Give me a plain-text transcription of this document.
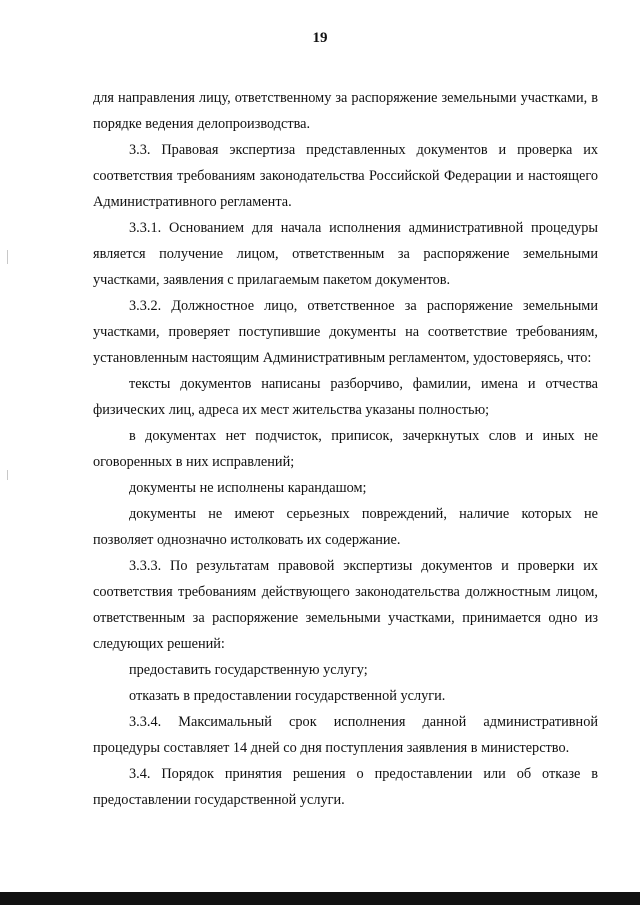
19

для направления лицу, ответственному за распоряжение земельными участками, в порядке ведения делопроизводства.

3.3. Правовая экспертиза представленных документов и проверка их соответствия требованиям законодательства Российской Федерации и настоящего Административного регламента.

3.3.1. Основанием для начала исполнения административной процедуры является получение лицом, ответственным за распоряжение земельными участками, заявления с прилагаемым пакетом документов.

3.3.2. Должностное лицо, ответственное за распоряжение земельными участками, проверяет поступившие документы на соответствие требованиям, установленным настоящим Административным регламентом, удостоверяясь, что:

тексты документов написаны разборчиво, фамилии, имена и отчества физических лиц, адреса их мест жительства указаны полностью;

в документах нет подчисток, приписок, зачеркнутых слов и иных не оговоренных в них исправлений;

документы не исполнены карандашом;

документы не имеют серьезных повреждений, наличие которых не позволяет однозначно истолковать их содержание.

3.3.3. По результатам правовой экспертизы документов и проверки их соответствия требованиям действующего законодательства должностным лицом, ответственным за распоряжение земельными участками, принимается одно из следующих решений:

предоставить государственную услугу;

отказать в предоставлении государственной услуги.

3.3.4. Максимальный срок исполнения данной административной процедуры составляет 14 дней со дня поступления заявления в министерство.

3.4. Порядок принятия решения о предоставлении или об отказе в предоставлении государственной услуги.
